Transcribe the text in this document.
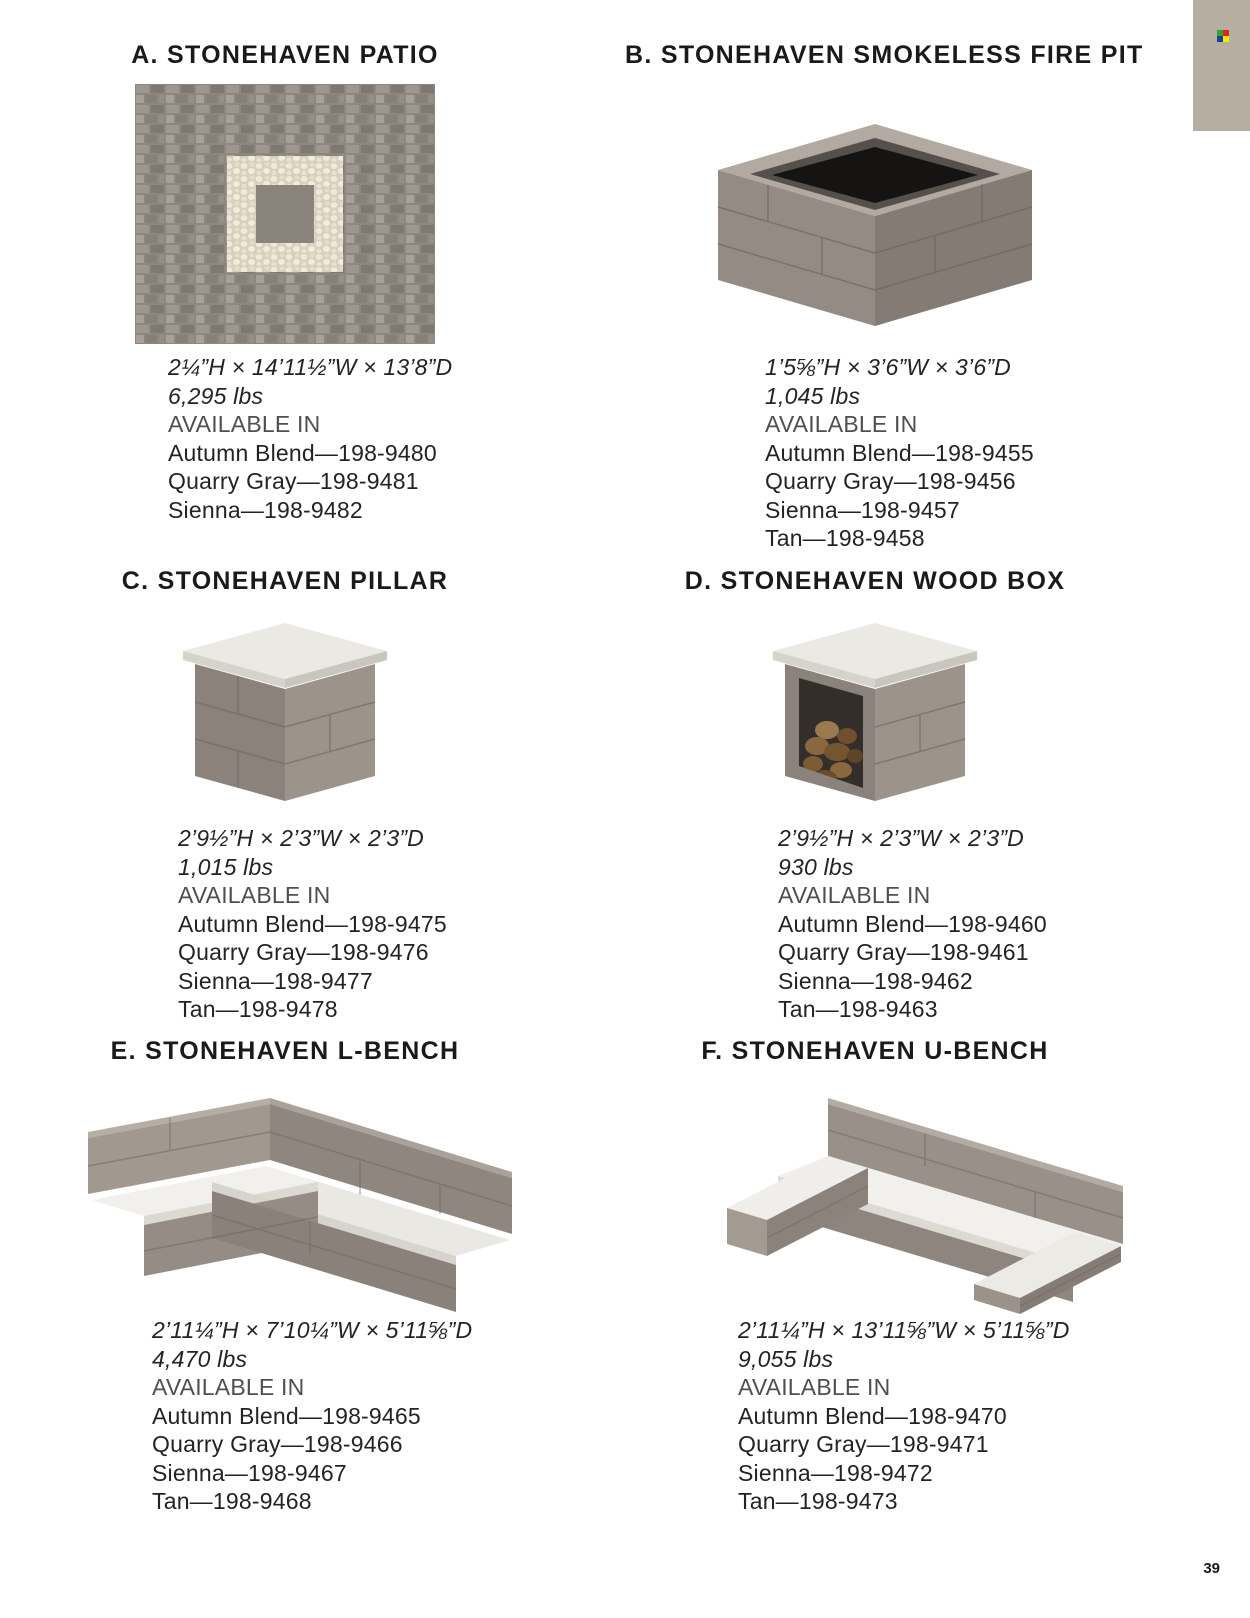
A. STONEHAVEN PATIO
2¼”H × 14’11½”W × 13’8”D
6,295 lbs
AVAILABLE IN
Autumn Blend—198-9480
Quarry Gray—198-9481
Sienna—198-9482
B. STONEHAVEN SMOKELESS FIRE PIT
1’5⅝”H × 3’6”W × 3’6”D
1,045 lbs
AVAILABLE IN
Autumn Blend—198-9455
Quarry Gray—198-9456
Sienna—198-9457
Tan—198-9458
C. STONEHAVEN PILLAR
2’9½”H × 2’3”W × 2’3”D
1,015 lbs
AVAILABLE IN
Autumn Blend—198-9475
Quarry Gray—198-9476
Sienna—198-9477
Tan—198-9478
D. STONEHAVEN WOOD BOX
2’9½”H × 2’3”W × 2’3”D
930 lbs
AVAILABLE IN
Autumn Blend—198-9460
Quarry Gray—198-9461
Sienna—198-9462
Tan—198-9463
E. STONEHAVEN L-BENCH
2’11¼”H × 7’10¼”W × 5’11⅝”D
4,470 lbs
AVAILABLE IN
Autumn Blend—198-9465
Quarry Gray—198-9466
Sienna—198-9467
Tan—198-9468
F. STONEHAVEN U-BENCH
2’11¼”H × 13’11⅝”W × 5’11⅝”D
9,055 lbs
AVAILABLE IN
Autumn Blend—198-9470
Quarry Gray—198-9471
Sienna—198-9472
Tan—198-9473
39
